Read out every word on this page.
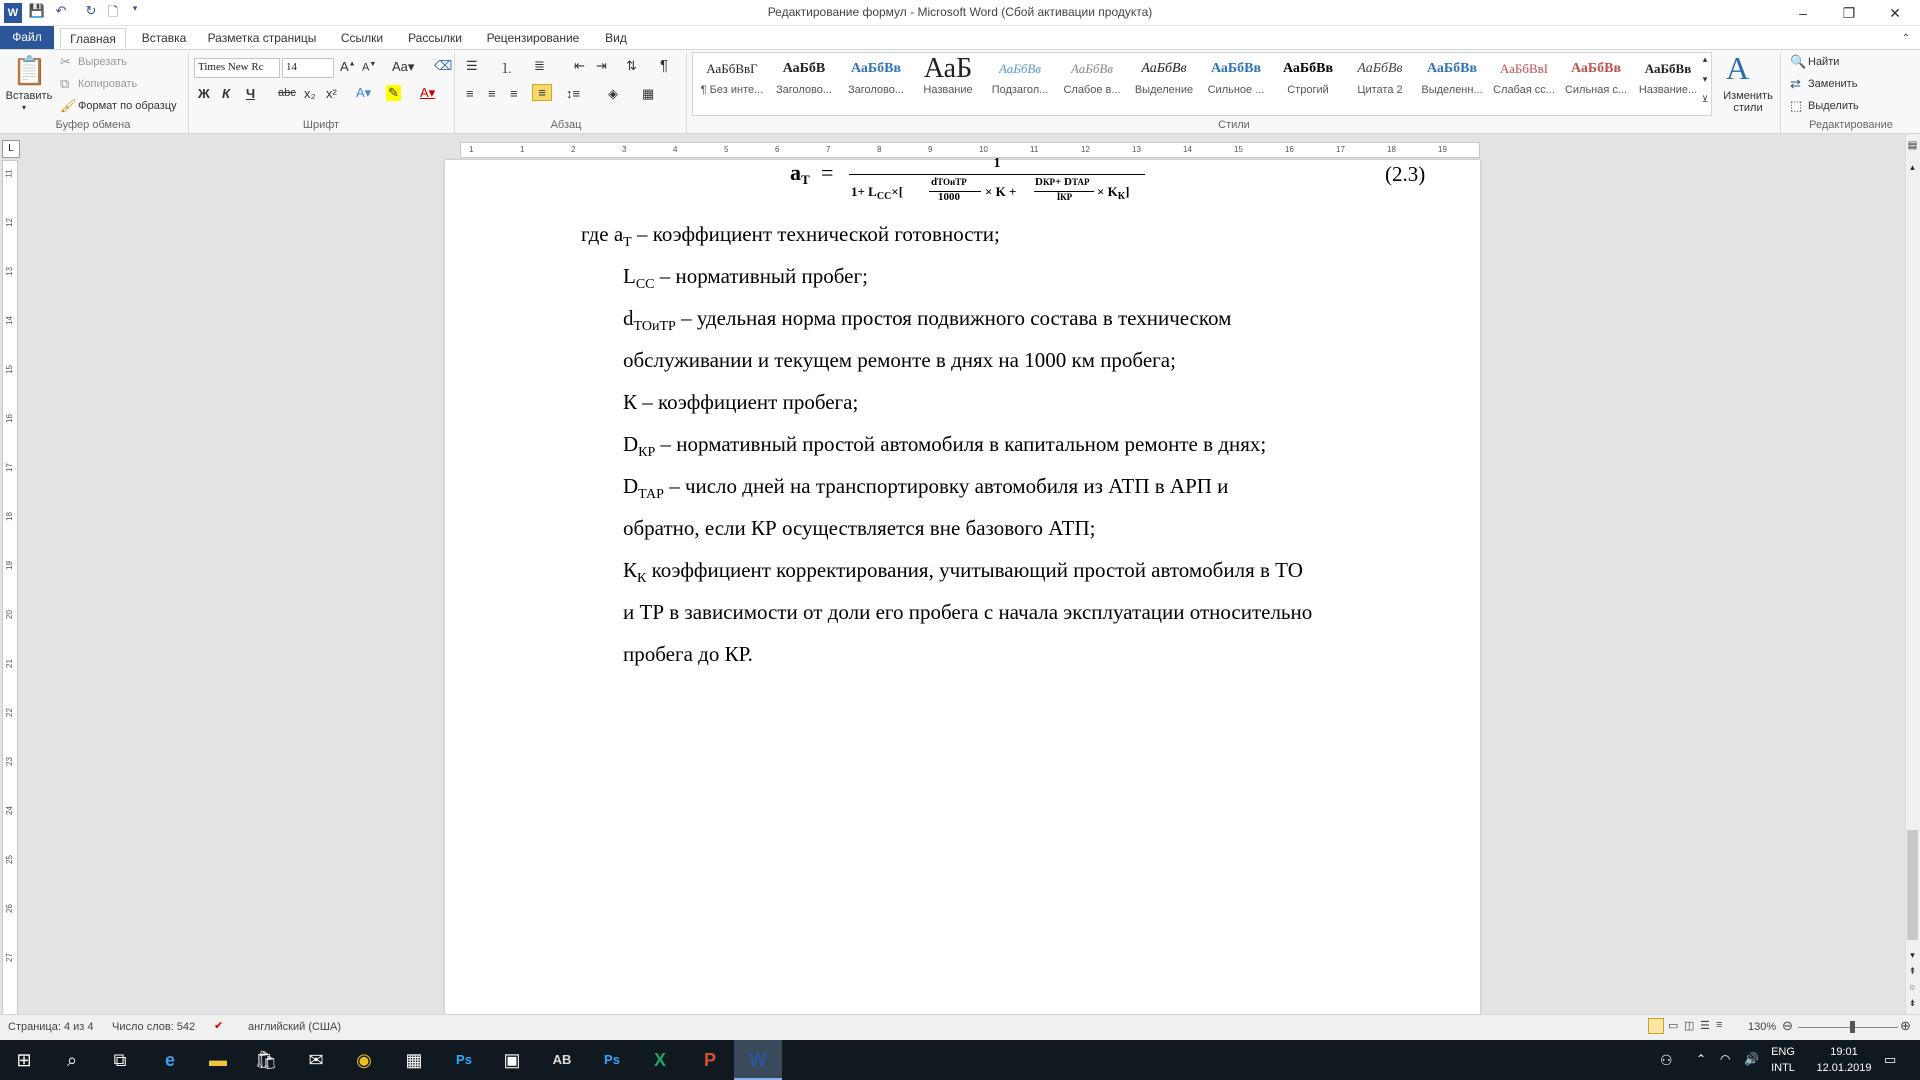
W 💾 ↶ ↻ 🗋	▾	Редактирование формул - Microsoft Word (Сбой активации продукта)	–	❐	✕
Файл	Главная	Вставка	Разметка страницы	Ссылки	Рассылки	Рецензирование	Вид	⌃
📋
Вставить
▾
✂ Вырезать
⧉ Копировать
🖌 Формат по образцу
Буфер обмена
Times New Rc	14	A▲ A▼ Aa▾ ⌫
Ж К Ч abc x₂ x² A▾ ✎ A▾
Шрифт
☰ ⒈ ≣ ⇤ ⇥ ⇅ ¶
≡ ≡ ≡	≡	↕≡ ◈ ▦
Абзац
▴
▾
⊻
A
Изменить стили
Стили
🔍 Найти
⇄ Заменить
⬚ Выделить
Редактирование
АаБбВвГ
¶ Без инте...
АаБбВ
Заголово...
АаБбВв
Заголово...
АаБ
Название
АаБбВв
Подзагол...
АаБбВв
Слабое в...
АаБбВв
Выделение
АаБбВв
Сильное ...
АаБбВв
Строгий
АаБбВв
Цитата 2
АаБбВв
Выделенн...
АаБбВвI
Слабая сс...
АаБбВв
Сильная с...
АаБбВв
Название...
L	1	1	2	3	4	5	6	7	8	9	10	11	12	13	14	15	16	17	18	19
11
12
13
14
15
16
17
18
19
20
21
22
23
24
25
26
27
aT =	1
$1+ L_{СС}\times$[
dТОиТР
1000 × K +
DКР+ DТАР
lКР × $K_К$]
(2.3)
где $a_T$ – коэффициент технической готовности;
$L_{CC}$ – нормативный пробег;
$d_{ТОиТР}$ – удельная норма простоя подвижного состава в техническом
обслуживании и текущем ремонте в днях на 1000 км пробега;
К – коэффициент пробега;
$D_{КР}$ – нормативный простой автомобиля в капитальном ремонте в днях;
$D_{ТАР}$ – число дней на транспортировку автомобиля из АТП в АРП и
обратно, если КР осуществляется вне базового АТП;
$К_К$ коэффициент корректирования, учитывающий простой автомобиля в ТО
и ТР в зависимости от доли его пробега с начала эксплуатации относительно
пробега до КР.
▤
▴
▾
⇞
○
⇟
Страница: 4 из 4 Число слов: 542 ✔ английский (США)	▭ ◫ ☰ ≡ 130% ⊖	⊕
⊞	⌕	⧉	e	▬	🛍	✉	◉	▦	Ps	▣	AB	Ps	X	P	W	⚇ ⌃ ◠ 🔊	ENG
INTL
19:01
12.01.2019
▭
